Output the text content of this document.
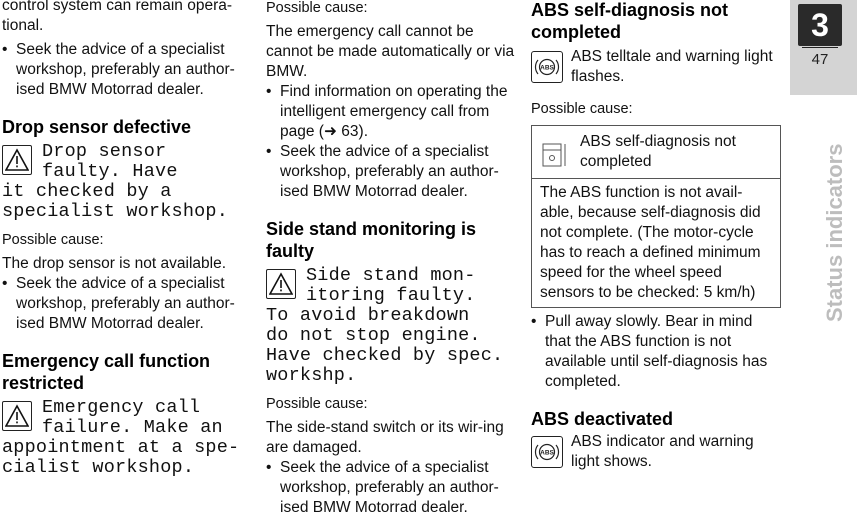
control system can remain opera-tional.

• Seek the advice of a specialist workshop, preferably an author-ised BMW Motorrad dealer.

Drop sensor defective

Drop sensor

faulty. Have

it checked by a

specialist workshop.

Possible cause:

The drop sensor is not available.

• Seek the advice of a specialist workshop, preferably an author-ised BMW Motorrad dealer.

Emergency call function restricted

Emergency call

failure. Make an

appointment at a spe-

cialist workshop.

Possible cause:

The emergency call cannot be cannot be made automatically or via BMW.

• Find information on operating the intelligent emergency call from page (➜ 63).

• Seek the advice of a specialist workshop, preferably an author-ised BMW Motorrad dealer.

Side stand monitoring is faulty

Side stand mon-

itoring faulty.

To avoid breakdown

do not stop engine.

Have checked by spec.

workshp.

Possible cause:

The side-stand switch or its wir-ing are damaged.

• Seek the advice of a specialist workshop, preferably an author-ised BMW Motorrad dealer.

ABS self-diagnosis not completed

ABS

ABS telltale and warning light flashes.

Possible cause:

ABS self-diagnosis not completed

The ABS function is not avail-able, because self-diagnosis did not complete. (The motor-cycle has to reach a defined minimum speed for the wheel speed sensors to be checked: 5 km/h)

• Pull away slowly. Bear in mind that the ABS function is not available until self-diagnosis has completed.

ABS deactivated

ABS

ABS indicator and warning light shows.

3
47
Status indicators
